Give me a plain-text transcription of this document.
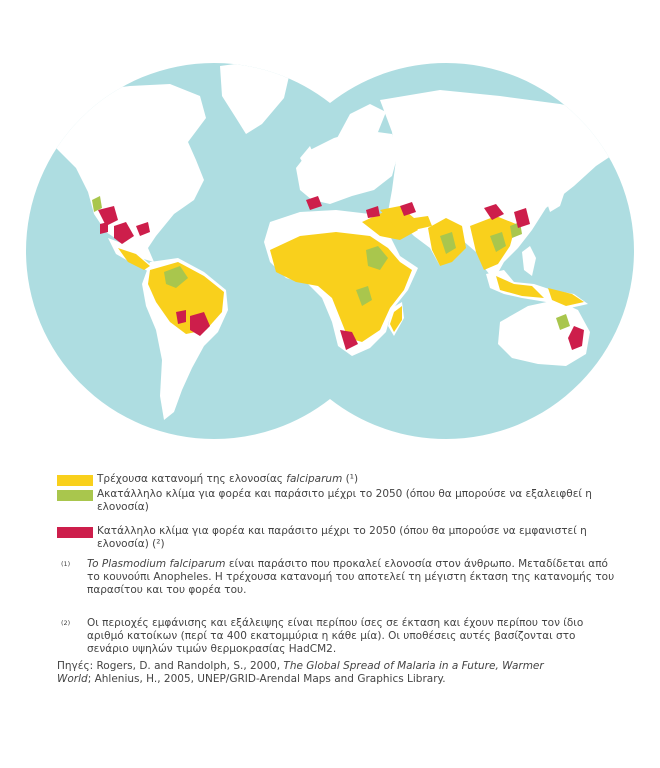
Τρέχουσα κατανομή της ελονοσίας falciparum (¹)
Ακατάλληλο κλίμα για φορέα και παράσιτο μέχρι το 2050 (όπου θα μπορούσε να εξαλειφθεί η ελονοσία)
Κατάλληλο κλίμα για φορέα και παράσιτο μέχρι το 2050 (όπου θα μπορούσε να εμφανιστεί η ελονοσία) (²)
(1) To Plasmodium falciparum είναι παράσιτο που προκαλεί ελονοσία στον άνθρωπο. Μεταδίδεται από το κουνούπι Anopheles. Η τρέχουσα κατανομή του αποτελεί τη μέγιστη έκταση της κατανομής του παρασίτου και του φορέα του.
(2) Οι περιοχές εμφάνισης και εξάλειψης είναι περίπου ίσες σε έκταση και έχουν περίπου τον ίδιο αριθμό κατοίκων (περί τα 400 εκατομμύρια η κάθε μία). Οι υποθέσεις αυτές βασίζονται στο σενάριο υψηλών τιμών θερμοκρασίας HadCM2.
Πηγές: Rogers, D. and Randolph, S., 2000, The Global Spread of Malaria in a Future, Warmer World; Ahlenius, H., 2005, UNEP/GRID-Arendal Maps and Graphics Library.
